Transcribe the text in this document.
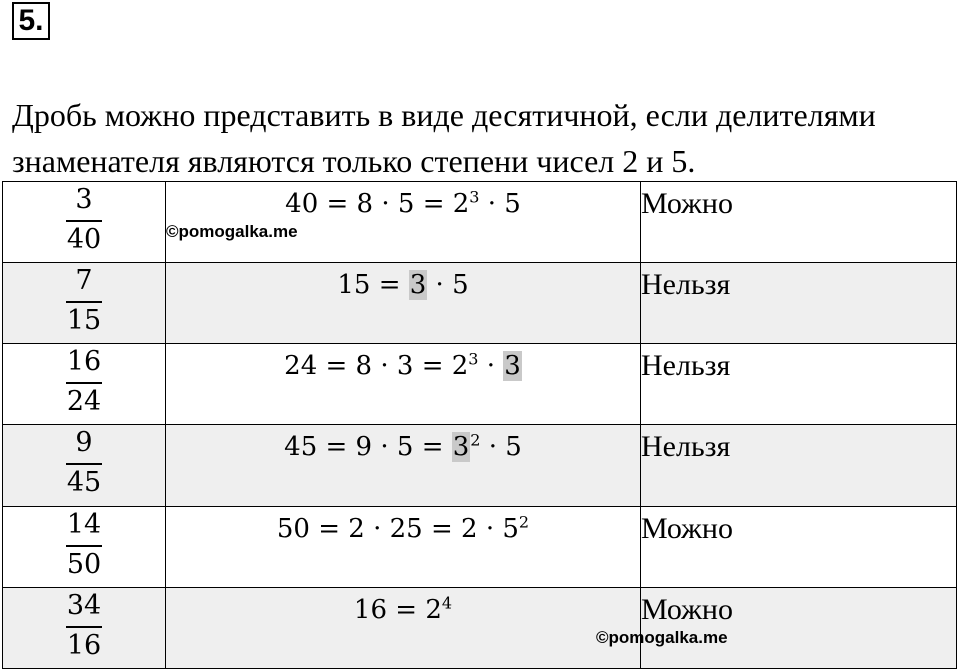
5.
Дробь можно представить в виде десятичной, если делителями
знаменателя являются только степени чисел 2 и 5.
$\frac{3}{40}$	$40 = 8 \cdot 5 = 2^3 \cdot 5$	Можно

$\frac{7}{15}$	15 = 3 · 5	Нельзя

$\frac{16}{24}$	$24 = 8 \cdot 3 = 2^3 \cdot 3$	Нельзя

$\frac{9}{45}$	$45 = 9 \cdot 5 = 3^2 \cdot 5$	Нельзя

$\frac{14}{50}$	$50 = 2 \cdot 25 = 2 \cdot 5^2$	Можно

$\frac{34}{16}$	$16 = 2^4$	Можно
©pomogalka.me
©pomogalka.me
